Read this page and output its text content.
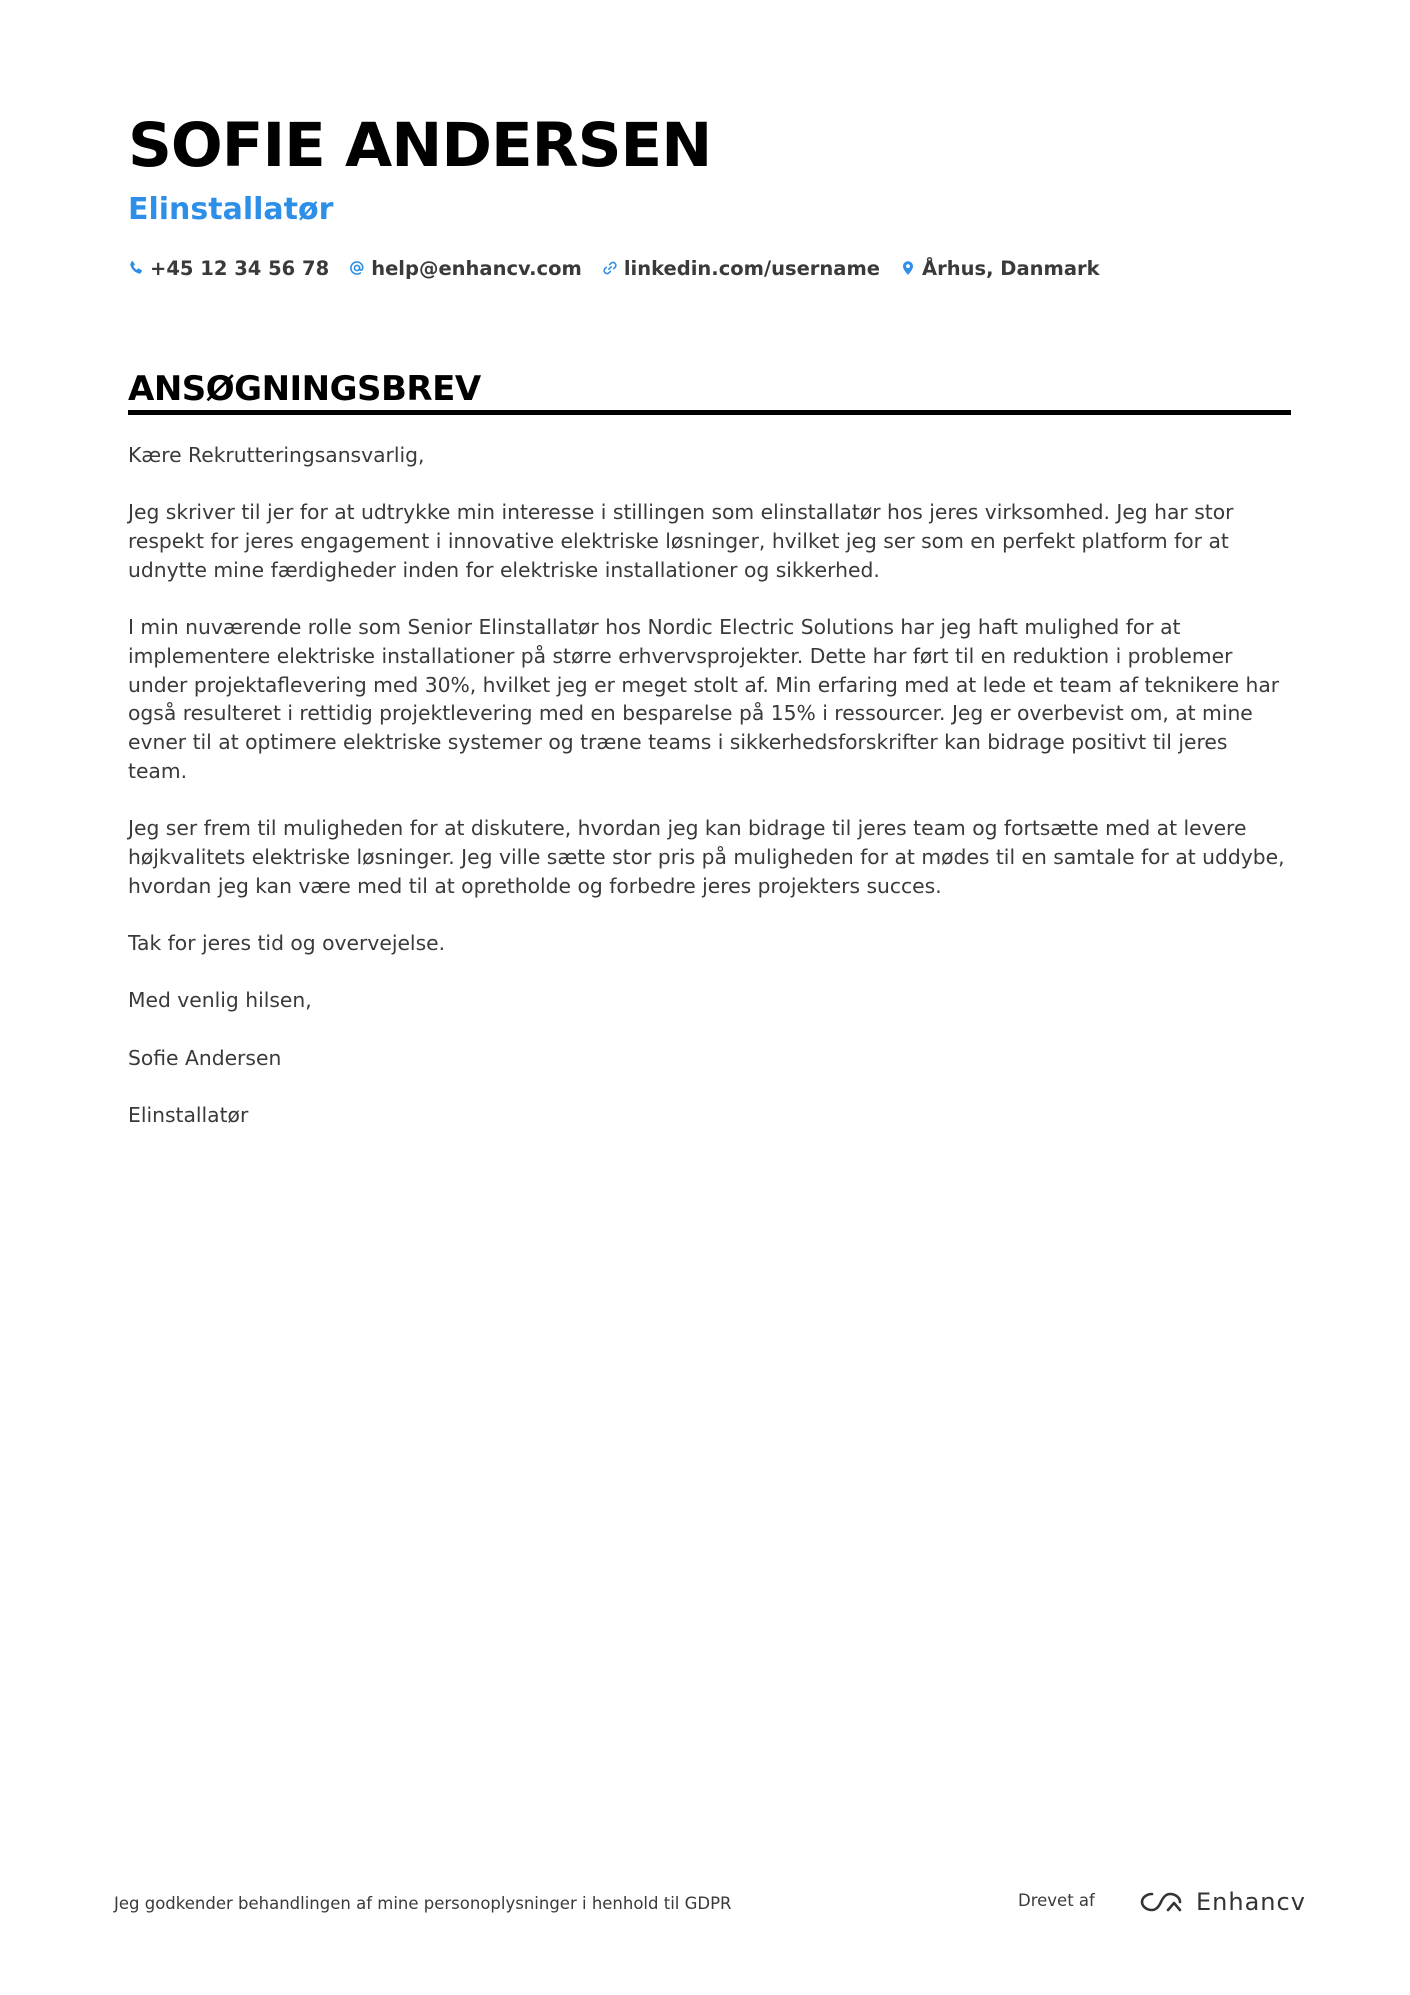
SOFIE ANDERSEN
Elinstallatør
+45 12 34 56 78 help@enhancv.com linkedin.com/username Århus, Danmark
ANSØGNINGSBREV

Kære Rekrutteringsansvarlig,

Jeg skriver til jer for at udtrykke min interesse i stillingen som elinstallatør hos jeres virksomhed. Jeg har stor respekt for jeres engagement i innovative elektriske løsninger, hvilket jeg ser som en perfekt platform for at udnytte mine færdigheder inden for elektriske installationer og sikkerhed.

I min nuværende rolle som Senior Elinstallatør hos Nordic Electric Solutions har jeg haft mulighed for at implementere elektriske installationer på større erhvervsprojekter. Dette har ført til en reduktion i problemer under projektaflevering med 30%, hvilket jeg er meget stolt af. Min erfaring med at lede et team af teknikere har også resulteret i rettidig projektlevering med en besparelse på 15% i ressourcer. Jeg er overbevist om, at mine evner til at optimere elektriske systemer og træne teams i sikkerhedsforskrifter kan bidrage positivt til jeres team.

Jeg ser frem til muligheden for at diskutere, hvordan jeg kan bidrage til jeres team og fortsætte med at levere højkvalitets elektriske løsninger. Jeg ville sætte stor pris på muligheden for at mødes til en samtale for at uddybe, hvordan jeg kan være med til at opretholde og forbedre jeres projekters succes.

Tak for jeres tid og overvejelse.

Med venlig hilsen,

Sofie Andersen

Elinstallatør

Jeg godkender behandlingen af mine personoplysninger i henhold til GDPR	Drevet af	Enhancv
